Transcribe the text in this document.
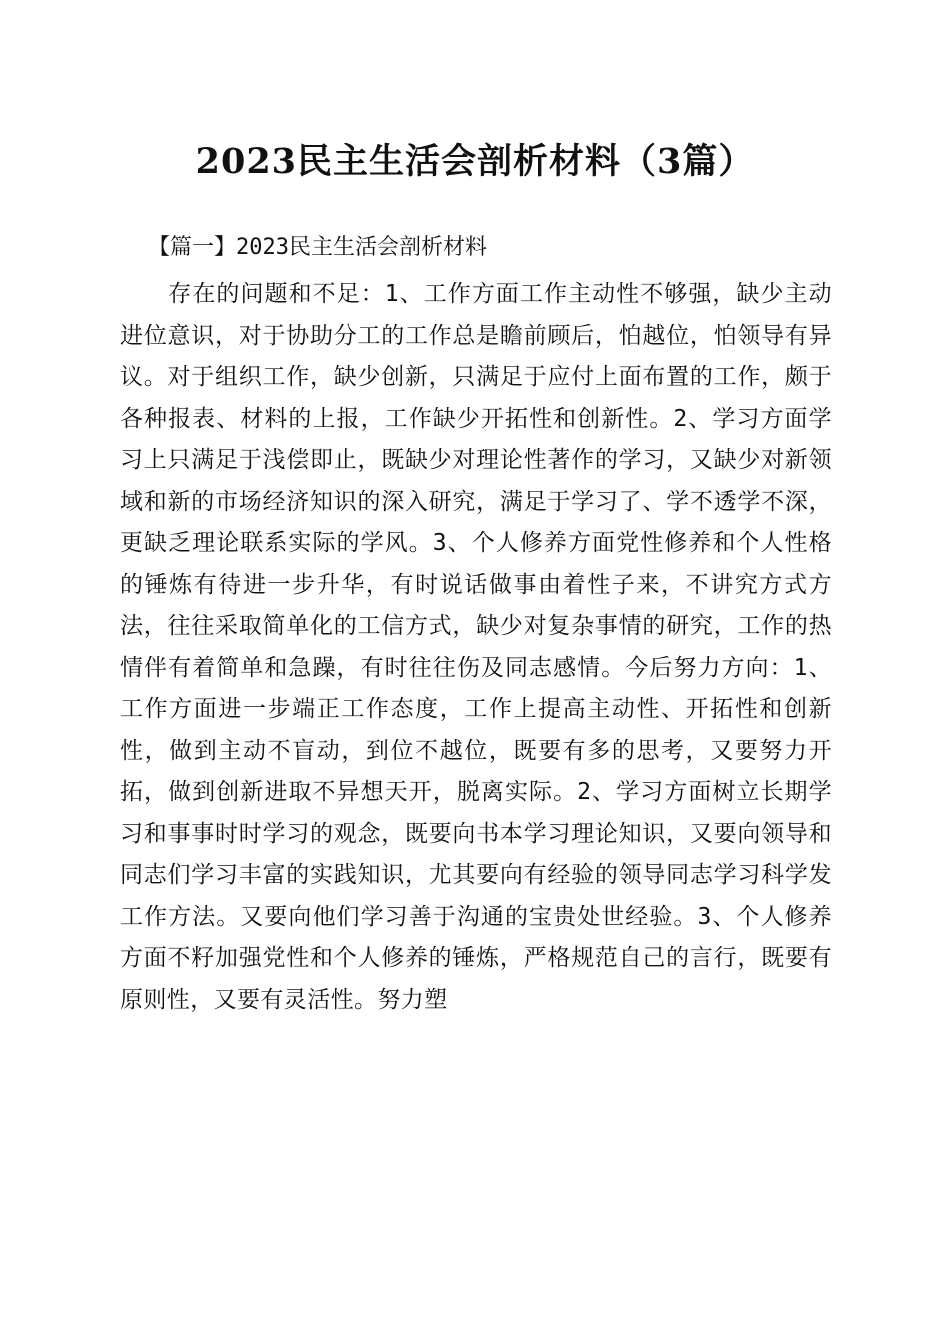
2023民主生活会剖析材料（3篇）

【篇一】2023民主生活会剖析材料

存在的问题和不足：1、工作方面工作主动性不够强，缺少主动进位意识，对于协助分工的工作总是瞻前顾后，怕越位，怕领导有异议。对于组织工作，缺少创新，只满足于应付上面布置的工作，颇于各种报表、材料的上报，工作缺少开拓性和创新性。2、学习方面学习上只满足于浅偿即止，既缺少对理论性著作的学习，又缺少对新领域和新的市场经济知识的深入研究，满足于学习了、学不透学不深，更缺乏理论联系实际的学风。3、个人修养方面党性修养和个人性格的锤炼有待进一步升华，有时说话做事由着性子来，不讲究方式方法，往往采取简单化的工信方式，缺少对复杂事情的研究，工作的热情伴有着简单和急躁，有时往往伤及同志感情。今后努力方向：1、工作方面进一步端正工作态度，工作上提高主动性、开拓性和创新性，做到主动不盲动，到位不越位，既要有多的思考，又要努力开拓，做到创新进取不异想天开，脱离实际。2、学习方面树立长期学习和事事时时学习的观念，既要向书本学习理论知识，又要向领导和同志们学习丰富的实践知识，尤其要向有经验的领导同志学习科学发工作方法。又要向他们学习善于沟通的宝贵处世经验。3、个人修养方面不籽加强党性和个人修养的锤炼，严格规范自己的言行，既要有原则性，又要有灵活性。努力塑
